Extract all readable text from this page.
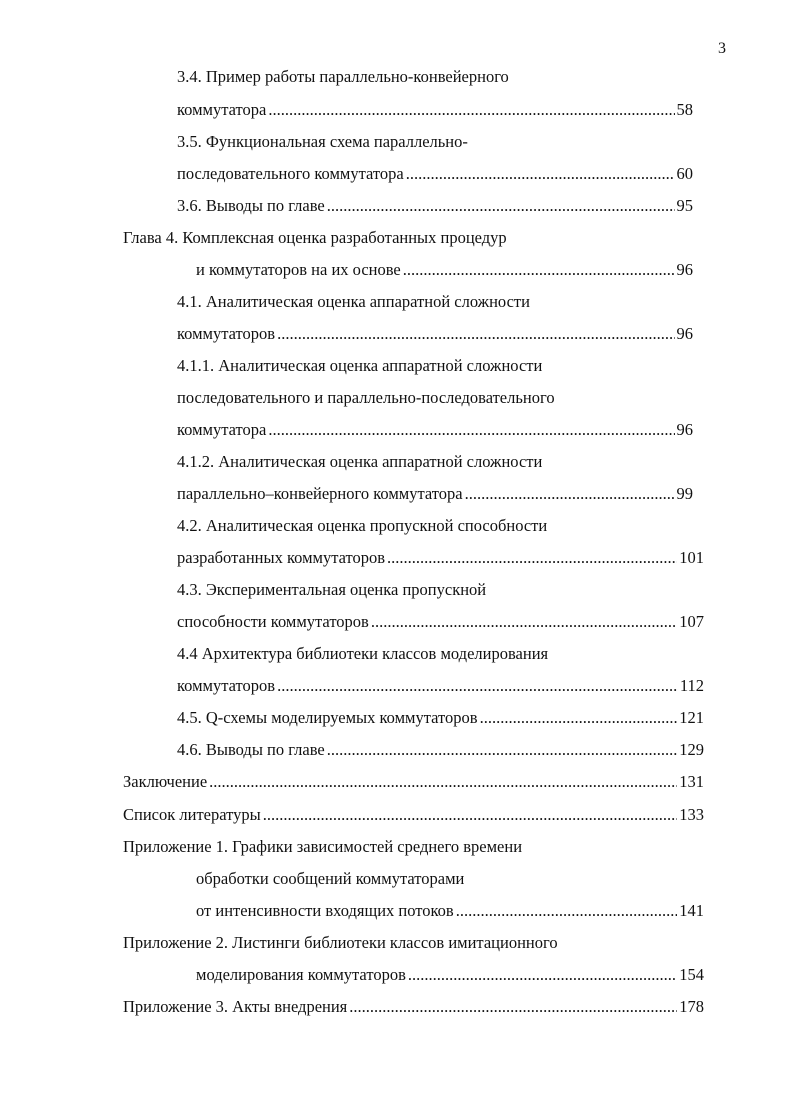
3
3.4. Пример работы параллельно-конвейерного
коммутатора .....	58
3.5. Функциональная схема параллельно-
последовательного коммутатора .....	60
3.6. Выводы по главе .....	95
Глава 4. Комплексная оценка разработанных процедур
и коммутаторов на их основе .....	96
4.1. Аналитическая оценка аппаратной сложности
коммутаторов .....	96
4.1.1. Аналитическая оценка аппаратной сложности
последовательного и параллельно-последовательного
коммутатора .....	96
4.1.2. Аналитическая оценка аппаратной сложности
параллельно–конвейерного коммутатора .....	99
4.2. Аналитическая оценка пропускной способности
разработанных коммутаторов .....	101
4.3. Экспериментальная оценка пропускной
способности коммутаторов .....	107
4.4 Архитектура библиотеки классов моделирования
коммутаторов .....	112
4.5. Q-схемы моделируемых коммутаторов .....	121
4.6. Выводы по главе .....	129
Заключение .....	131
Список литературы .....	133
Приложение 1. Графики зависимостей среднего времени
обработки сообщений коммутаторами
от интенсивности входящих потоков .....	141
Приложение 2. Листинги библиотеки классов имитационного
моделирования коммутаторов .....	154
Приложение 3. Акты внедрения .....	178
